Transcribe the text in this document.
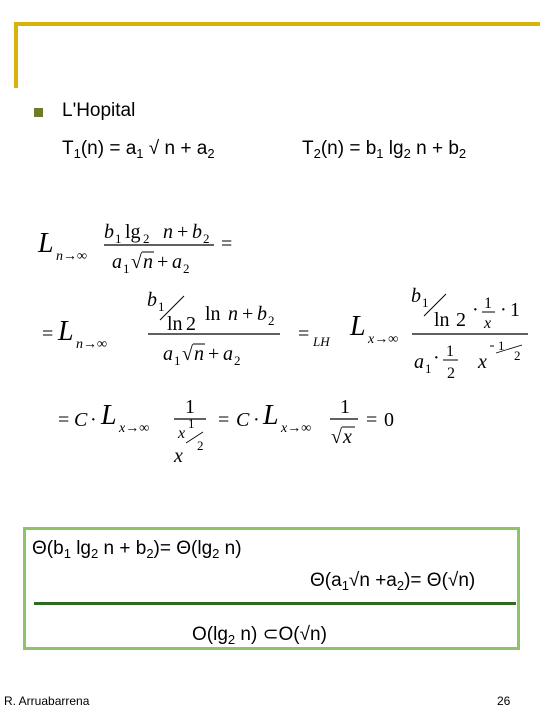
L'Hopital
$T_1(n) = a_1$ √ $n + a_2$	$T_2(n) = b_1$ $\lg_2 n + b_2$
L n→∞
b 1 lg 2 n + b 2
a 1 √ n + a 2
=
= L n→∞
b 1
ln 2 ln n + b 2
a 1 √ n + a 2
= LH L x→∞
b 1
ln 2 · 1
x
· 1
a 1 · 1
2
x
1
2
= C · L x→∞
1
x
1
2
x
= C · L x→∞
1
√ x
= 0
$\Theta(b_1$ $\lg_2 n + b_2)= \Theta(\lg_2$ n)
$\Theta(a_1√n +a_2)= \Theta(√n)$
$O(\lg_2$ n) ⊂O(√n)
R. Arruabarrena	26
